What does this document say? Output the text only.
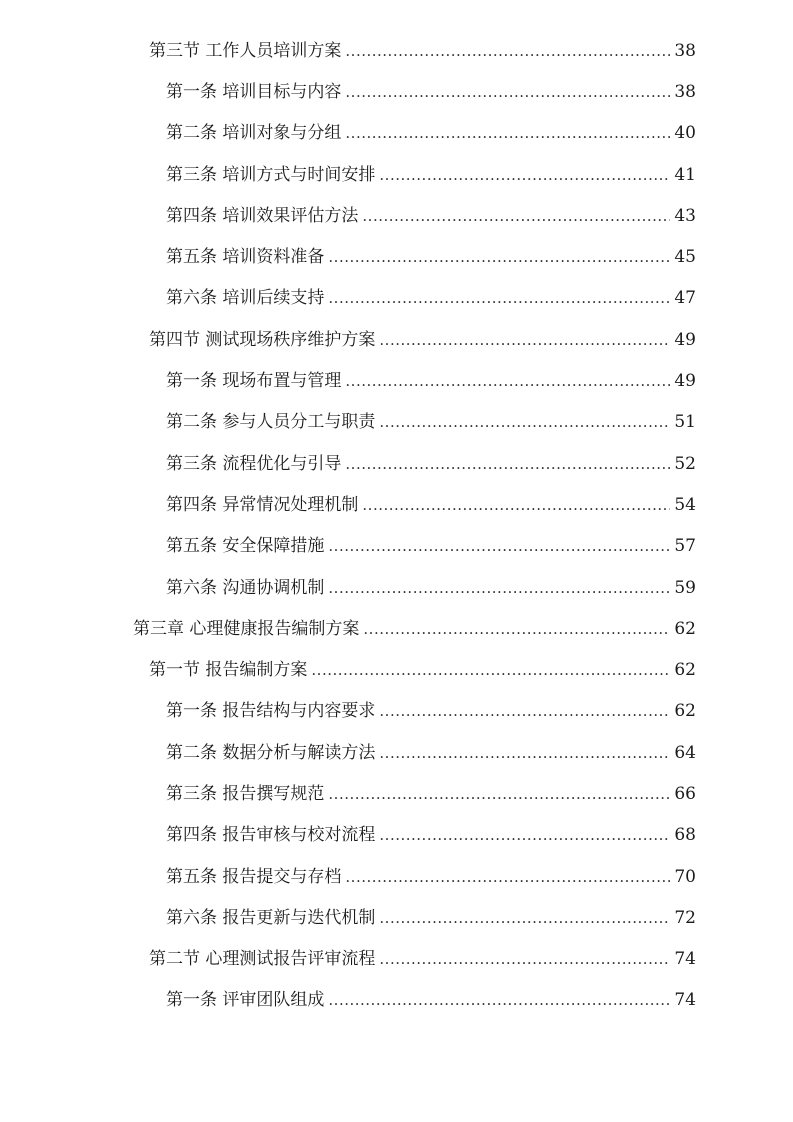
第三节 工作人员培训方案 .....	38
第一条 培训目标与内容 .....	38
第二条 培训对象与分组 .....	40
第三条 培训方式与时间安排 .....	41
第四条 培训效果评估方法 .....	43
第五条 培训资料准备 .....	45
第六条 培训后续支持 .....	47
第四节 测试现场秩序维护方案 .....	49
第一条 现场布置与管理 .....	49
第二条 参与人员分工与职责 .....	51
第三条 流程优化与引导 .....	52
第四条 异常情况处理机制 .....	54
第五条 安全保障措施 .....	57
第六条 沟通协调机制 .....	59
第三章 心理健康报告编制方案 .....	62
第一节 报告编制方案 .....	62
第一条 报告结构与内容要求 .....	62
第二条 数据分析与解读方法 .....	64
第三条 报告撰写规范 .....	66
第四条 报告审核与校对流程 .....	68
第五条 报告提交与存档 .....	70
第六条 报告更新与迭代机制 .....	72
第二节 心理测试报告评审流程 .....	74
第一条 评审团队组成 .....	74
